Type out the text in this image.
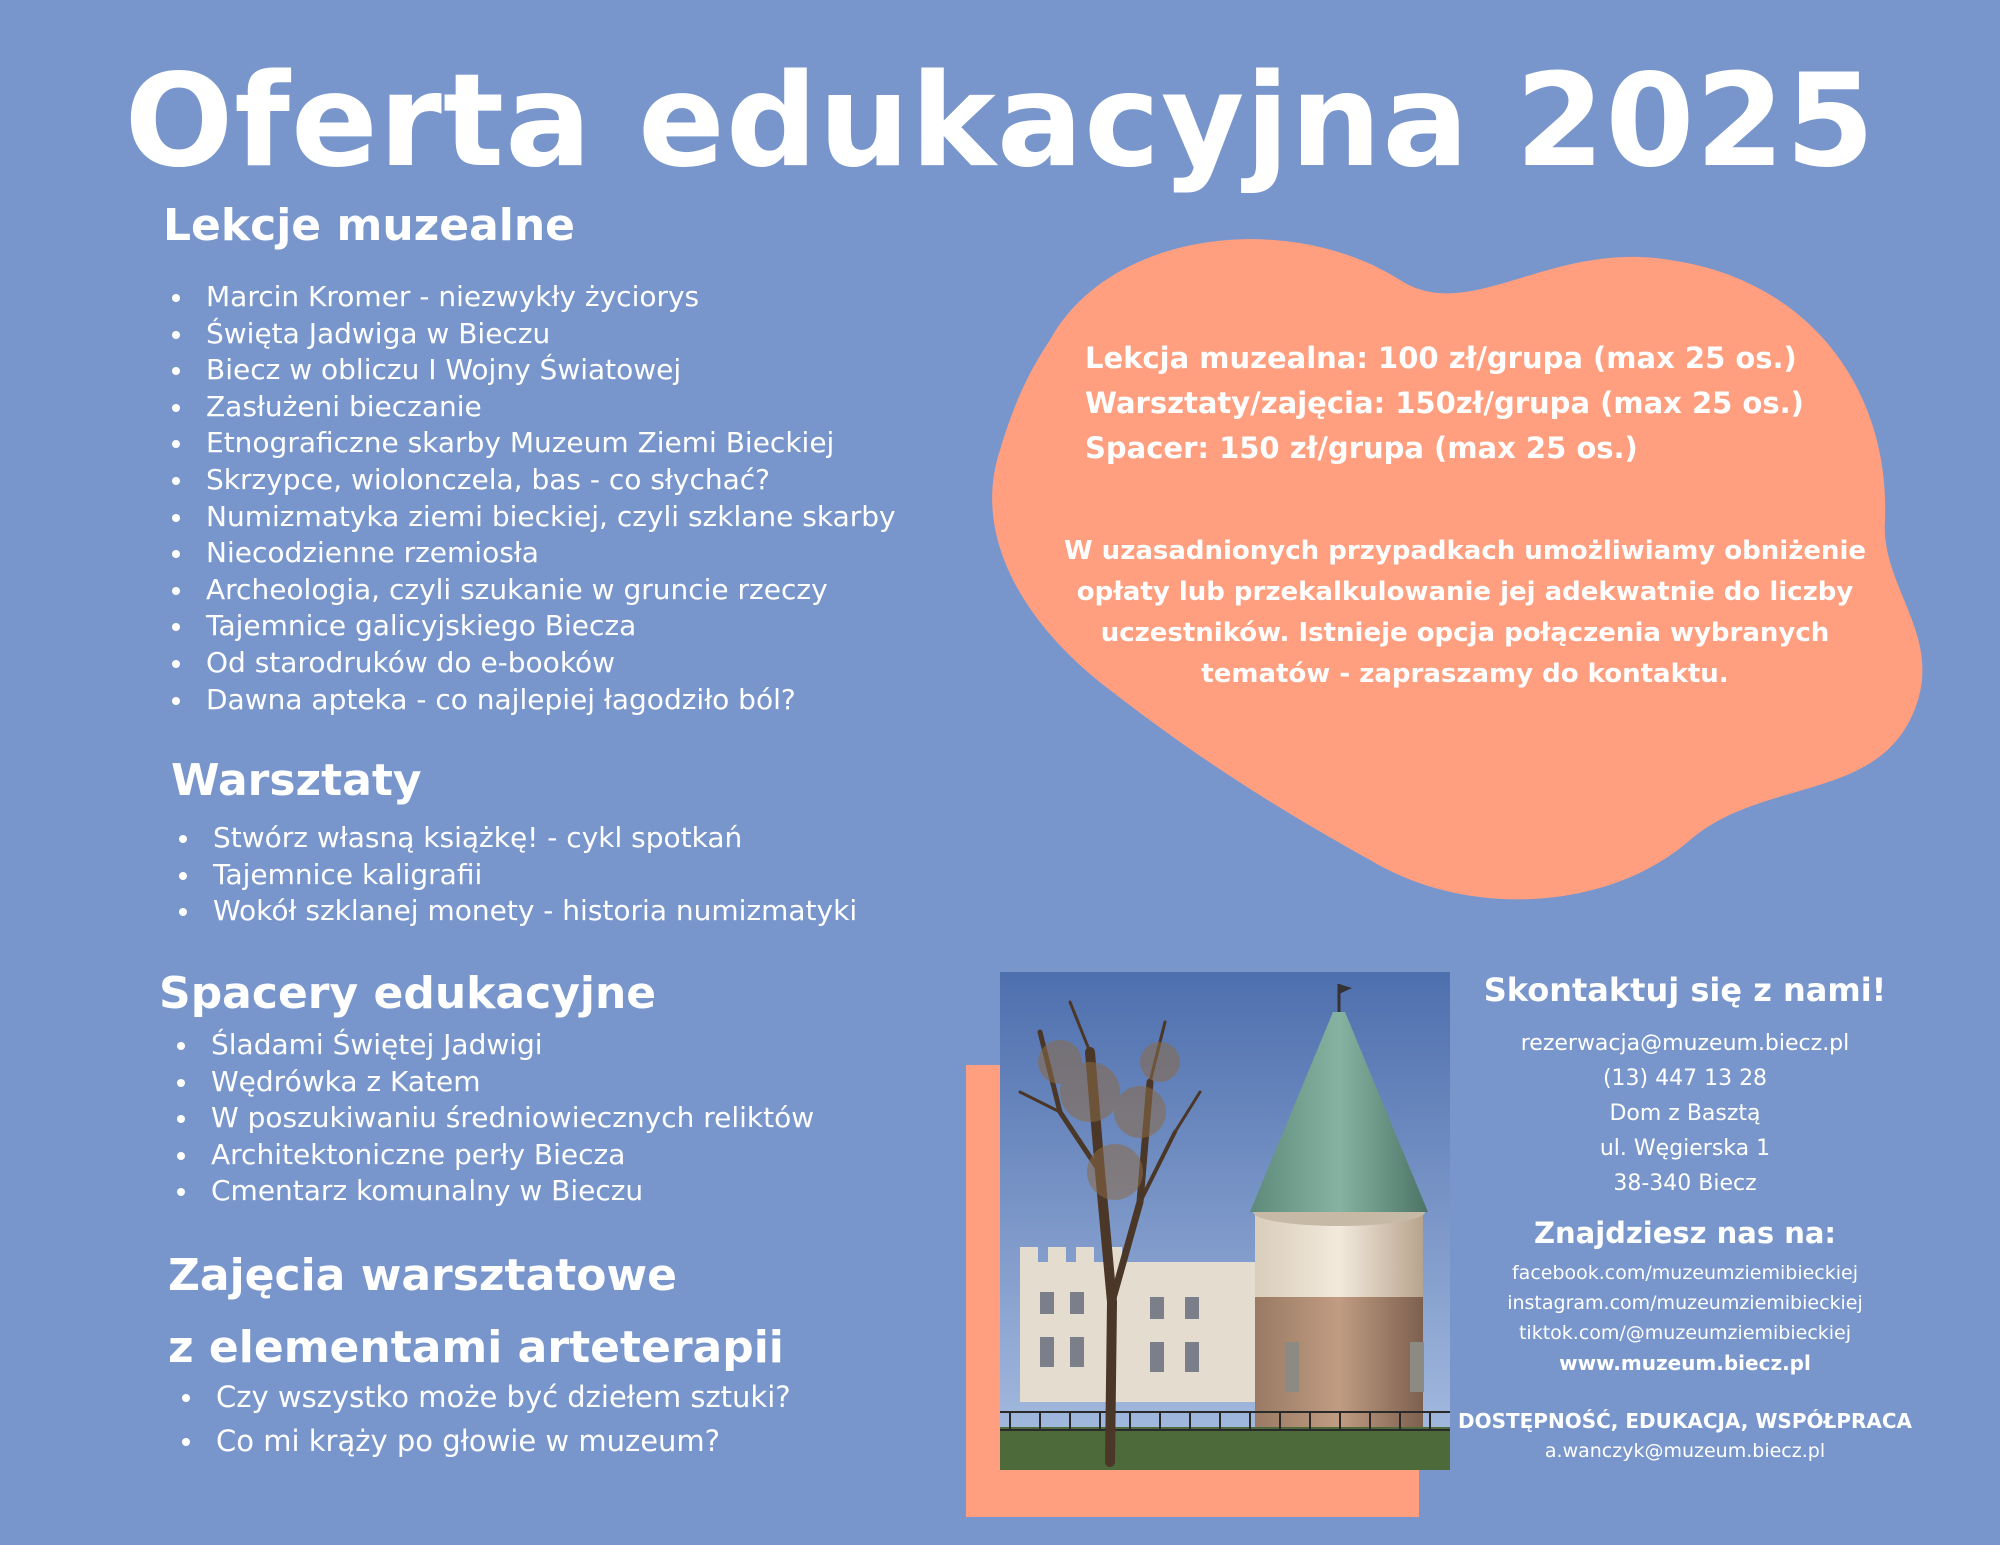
Oferta edukacyjna 2025
Lekcje muzealne
Marcin Kromer - niezwykły życiorys
Święta Jadwiga w Bieczu
Biecz w obliczu I Wojny Światowej
Zasłużeni bieczanie
Etnograficzne skarby Muzeum Ziemi Bieckiej
Skrzypce, wiolonczela, bas - co słychać?
Numizmatyka ziemi bieckiej, czyli szklane skarby
Niecodzienne rzemiosła
Archeologia, czyli szukanie w gruncie rzeczy
Tajemnice galicyjskiego Biecza
Od starodruków do e-booków
Dawna apteka - co najlepiej łagodziło ból?
Warsztaty
Stwórz własną książkę! - cykl spotkań
Tajemnice kaligrafii
Wokół szklanej monety - historia numizmatyki
Spacery edukacyjne
Śladami Świętej Jadwigi
Wędrówka z Katem
W poszukiwaniu średniowiecznych reliktów
Architektoniczne perły Biecza
Cmentarz komunalny w Bieczu
Zajęcia warsztatowe
z elementami arteterapii
Czy wszystko może być dziełem sztuki?
Co mi krąży po głowie w muzeum?
Lekcja muzealna: 100 zł/grupa (max 25 os.)
Warsztaty/zajęcia: 150zł/grupa (max 25 os.)
Spacer: 150 zł/grupa (max 25 os.)
W uzasadnionych przypadkach umożliwiamy obniżenie opłaty lub przekalkulowanie jej adekwatnie do liczby uczestników. Istnieje opcja połączenia wybranych tematów - zapraszamy do kontaktu.
Skontaktuj się z nami!
rezerwacja@muzeum.biecz.pl
(13) 447 13 28
Dom z Basztą
ul. Węgierska 1
38-340 Biecz
Znajdziesz nas na:
facebook.com/muzeumziemibieckiej
instagram.com/muzeumziemibieckiej
tiktok.com/@muzeumziemibieckiej
www.muzeum.biecz.pl
DOSTĘPNOŚĆ, EDUKACJA, WSPÓŁPRACA
a.wanczyk@muzeum.biecz.pl
